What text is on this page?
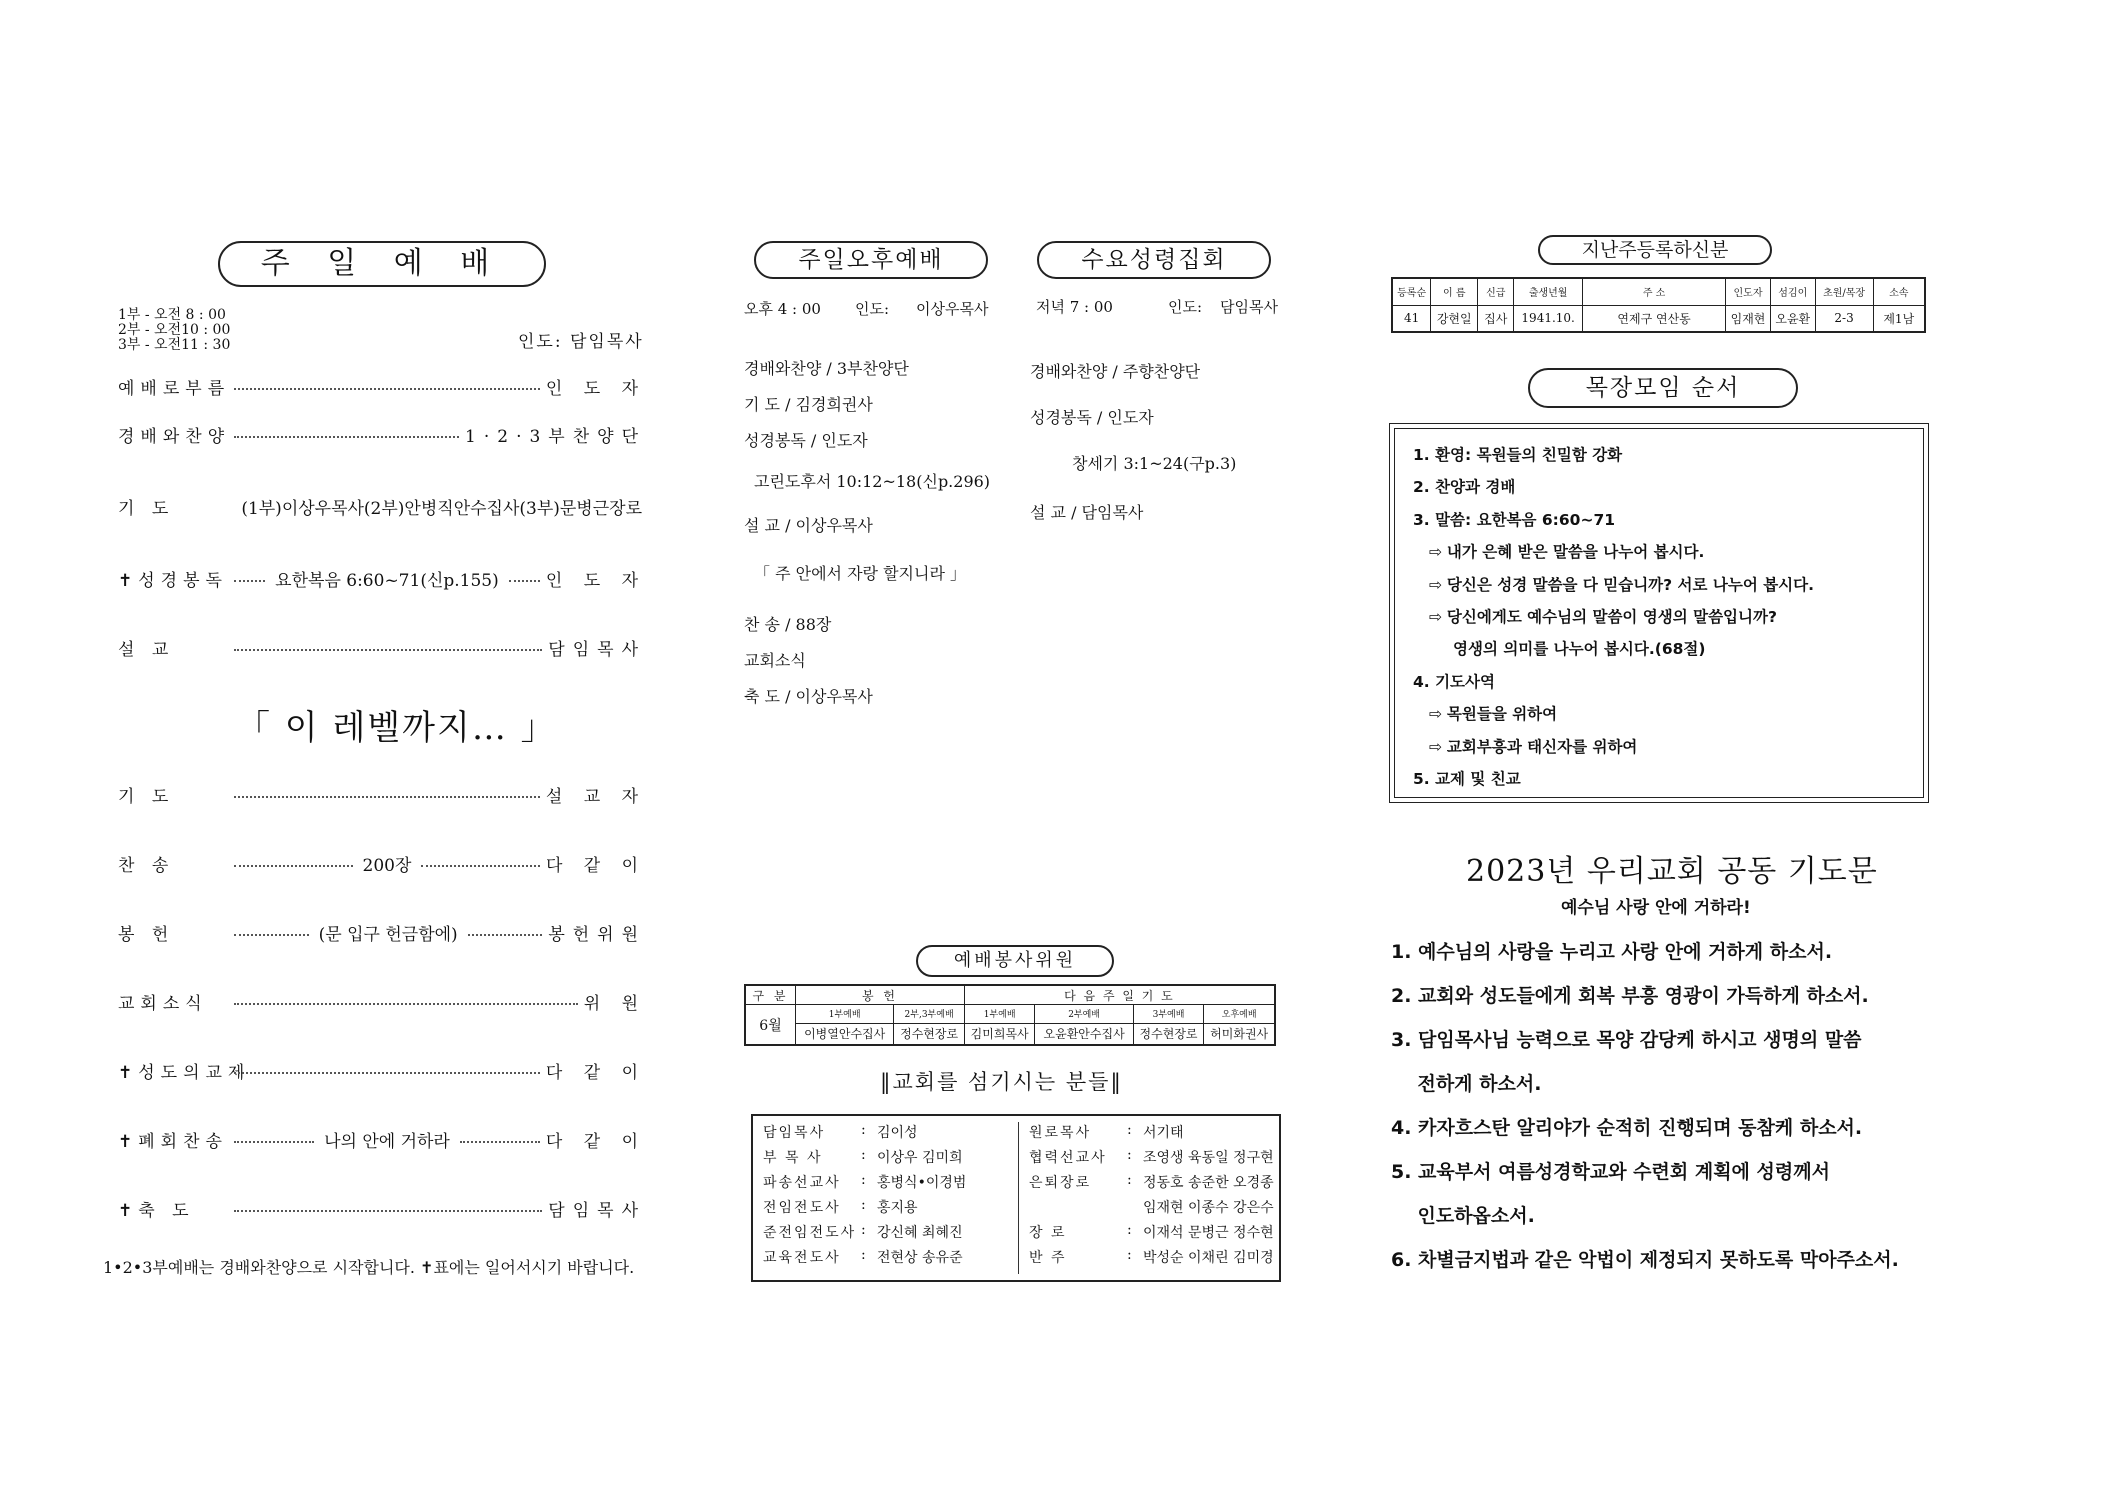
주 일 예 배
1부 - 오전 8 : 00
2부 - 오전10 : 00
3부 - 오전11 : 30	인도: 담임목사
예배로부름	인 도 자
경배와찬양	1·2·3부찬양단
기 도	(1부)이상우목사(2부)안병직안수집사(3부)문병근장로
✝성경봉독	요한복음 6:60~71(신p.155)	인 도 자
설 교	담임목사
「 이 레벨까지… 」
기 도	설 교 자
찬 송	200장	다 같 이
봉 헌	(문 입구 헌금함에)	봉헌위원
교회소식	위 원
✝성도의교제	다 같 이
✝폐회찬송	나의 안에 거하라	다 같 이
✝축 도	담임목사
1•2•3부예배는 경배와찬양으로 시작합니다. ✝표에는 일어서시기 바랍니다.
주일오후예배
오후 4 : 00 인도: 이상우목사
경배와찬양 / 3부찬양단
기 도 / 김경희권사
성경봉독 / 인도자
고린도후서 10:12~18(신p.296)
설 교 / 이상우목사
「 주 안에서 자랑 할지니라 」
찬 송 / 88장
교회소식
축 도 / 이상우목사
수요성령집회
저녁 7 : 00	인도: 담임목사
경배와찬양 / 주향찬양단
성경봉독 / 인도자
창세기 3:1~24(구p.3)
설 교 / 담임목사
예배봉사위원
구 분	봉 헌		다 음 주 일 기 도			
6월	1부예배	2부,3부예배	1부예배	2부예배	3부예배	오후예배
	이병열안수집사	정수현장로	김미희목사	오윤환안수집사	정수현장로	허미화권사
‖교회를 섬기시는 분들‖
담임목사	: 김이성
부 목 사	: 이상우 김미희
파송선교사	: 홍병식•이경범
전임전도사	: 홍지용
준전임전도사 : 강신혜 최혜진
교육전도사	: 전현상 송유준
원로목사	: 서기태
협력선교사	: 조영생 육동일 정구현
은퇴장로	: 정동호 송준한 오경종
임재현 이종수 강은수
장 로	: 이재석 문병근 정수현
반 주	: 박성순 이채린 김미경
지난주등록하신분
등록순	이 름	신급	출생년월	주 소	인도자	섬김이	초원/목장	소속
41	강현일	집사	1941.10.	연제구 연산동	임재현	오윤환	2-3	제1남
목장모임 순서
1. 환영: 목원들의 친밀함 강화
2. 찬양과 경배
3. 말씀: 요한복음 6:60~71
⇨ 내가 은혜 받은 말씀을 나누어 봅시다.
⇨ 당신은 성경 말씀을 다 믿습니까? 서로 나누어 봅시다.
⇨ 당신에게도 예수님의 말씀이 영생의 말씀입니까?
영생의 의미를 나누어 봅시다.(68절)
4. 기도사역
⇨ 목원들을 위하여
⇨ 교회부흥과 태신자를 위하여
5. 교제 및 친교
2023년 우리교회 공동 기도문
예수님 사랑 안에 거하라!
1. 예수님의 사랑을 누리고 사랑 안에 거하게 하소서.
2. 교회와 성도들에게 회복 부흥 영광이 가득하게 하소서.
3. 담임목사님 능력으로 목양 감당케 하시고 생명의 말씀
전하게 하소서.
4. 카자흐스탄 알리야가 순적히 진행되며 동참케 하소서.
5. 교육부서 여름성경학교와 수련회 계획에 성령께서
인도하옵소서.
6. 차별금지법과 같은 악법이 제정되지 못하도록 막아주소서.
